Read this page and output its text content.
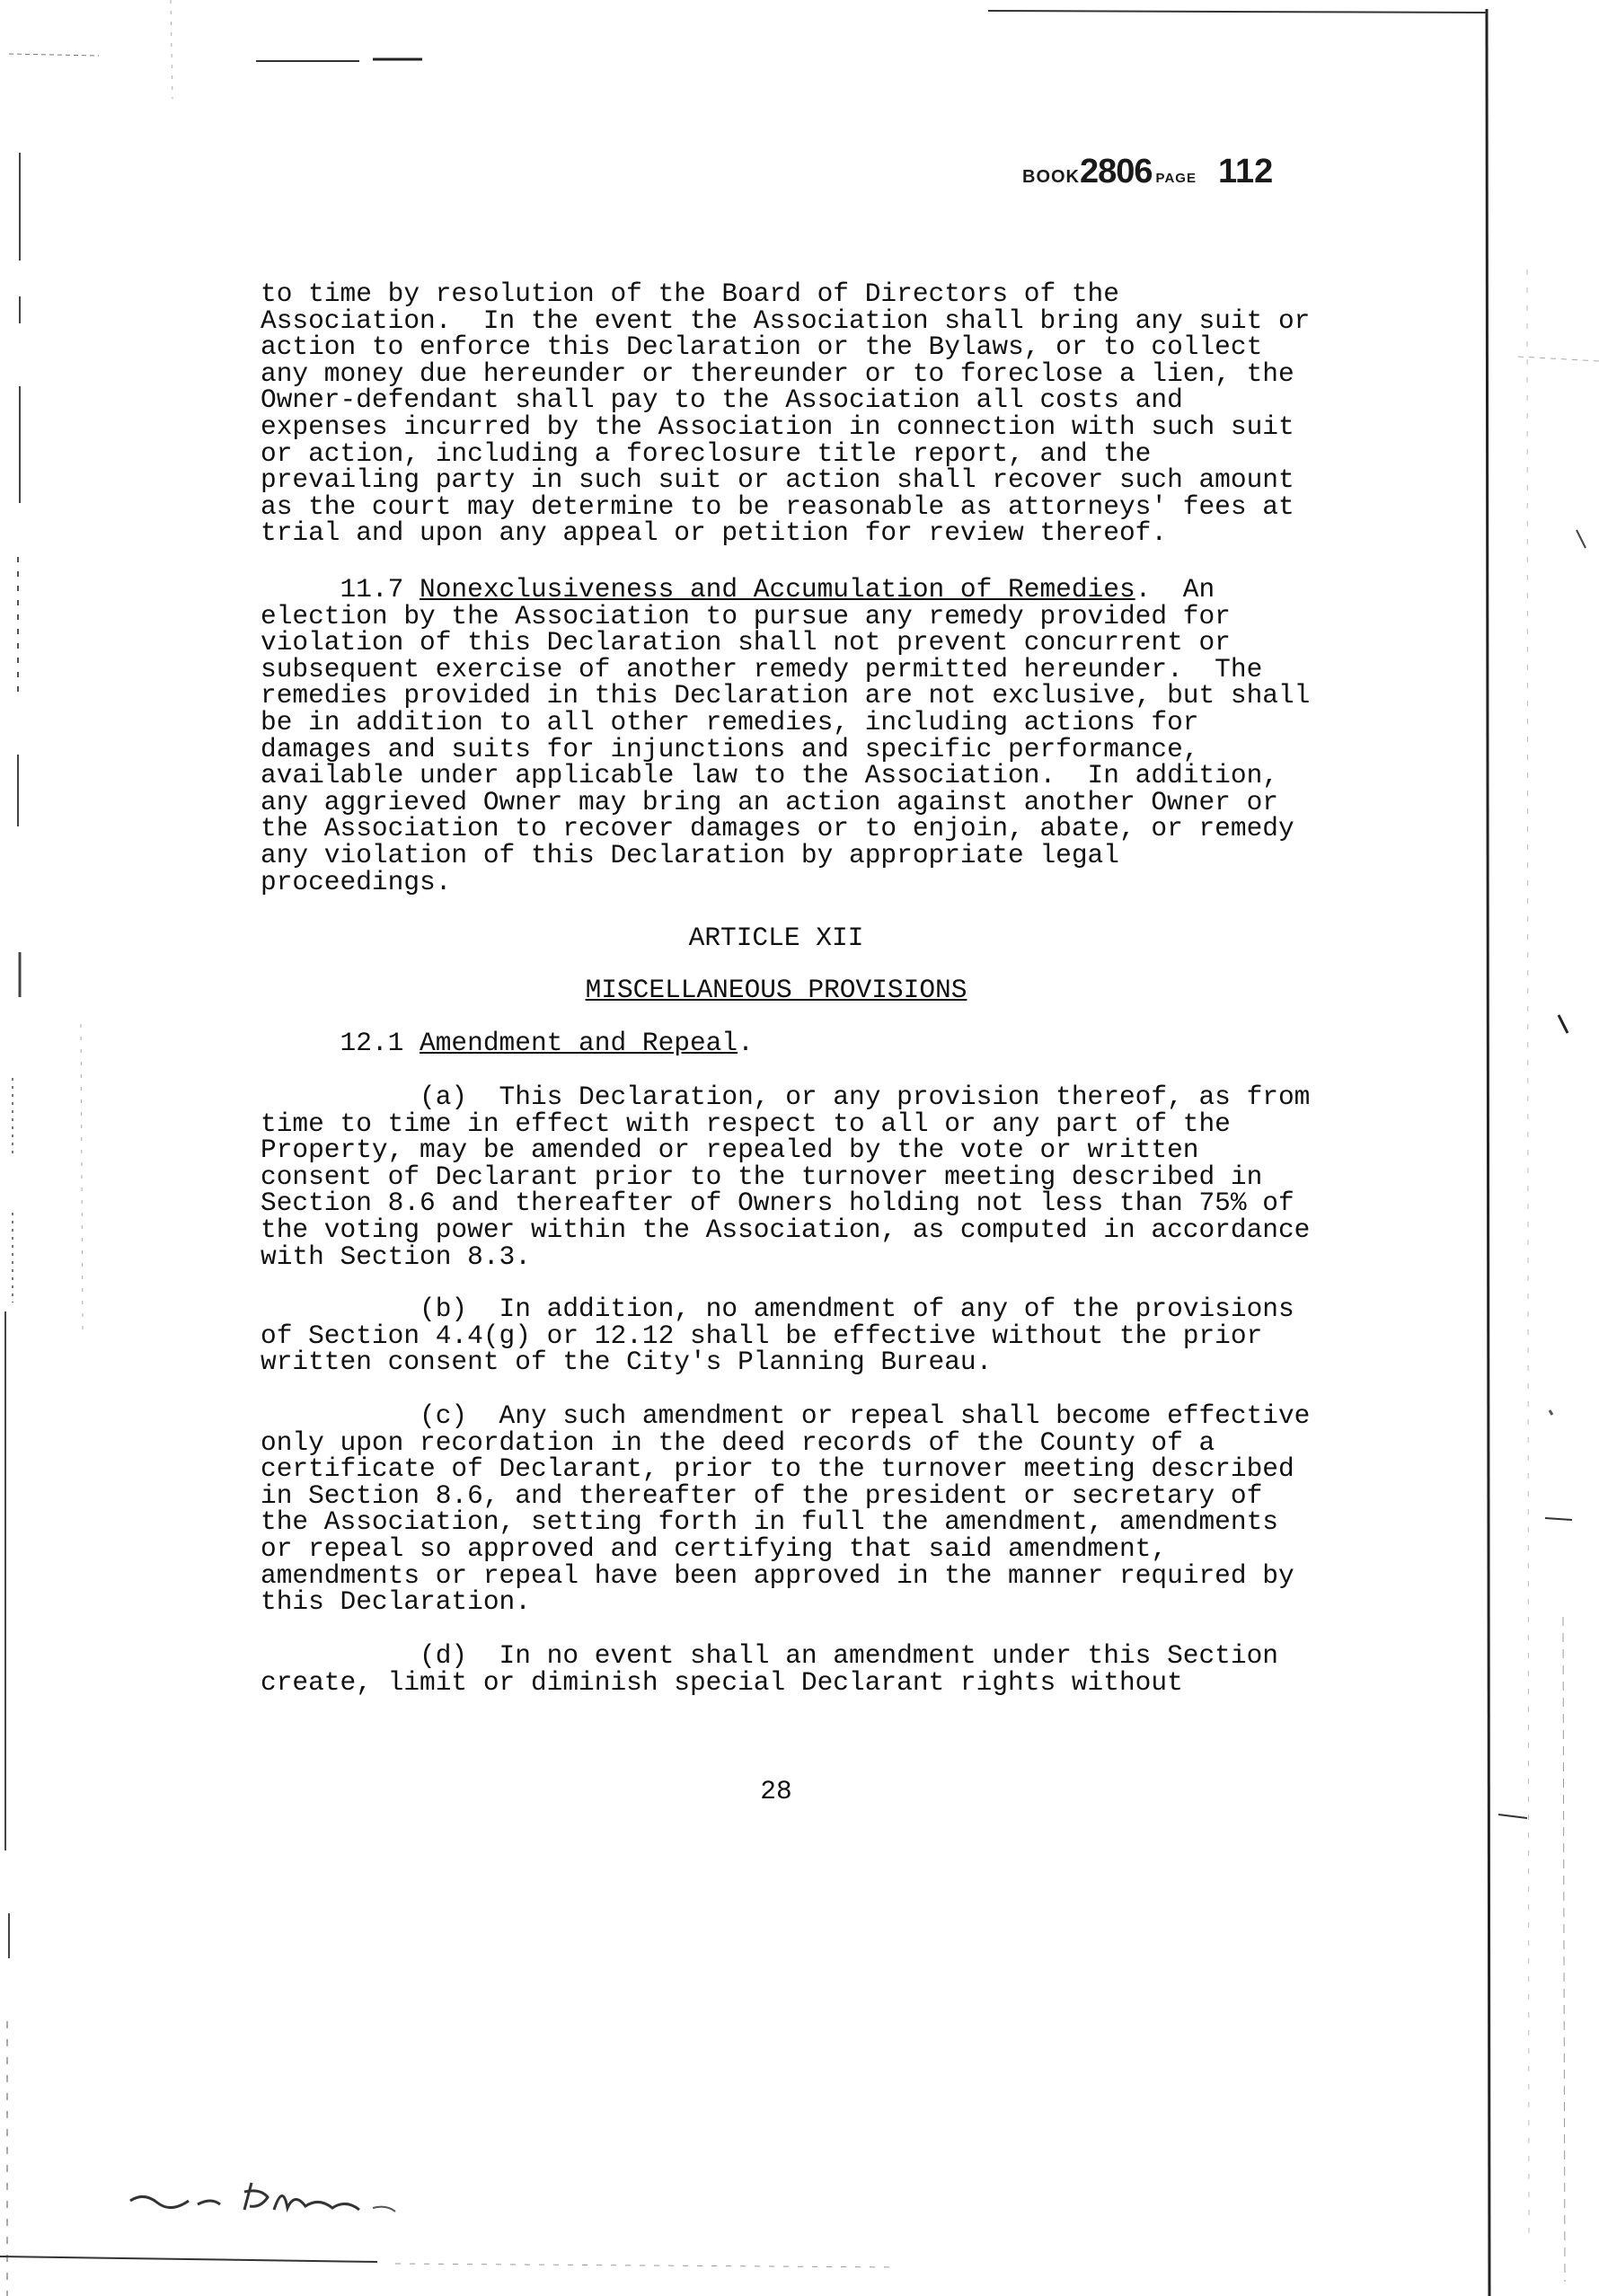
BOOK2806 PAGE 112
to time by resolution of the Board of Directors of the
Association.  In the event the Association shall bring any suit or
action to enforce this Declaration or the Bylaws, or to collect
any money due hereunder or thereunder or to foreclose a lien, the
Owner-defendant shall pay to the Association all costs and
expenses incurred by the Association in connection with such suit
or action, including a foreclosure title report, and the
prevailing party in such suit or action shall recover such amount
as the court may determine to be reasonable as attorneys' fees at
trial and upon any appeal or petition for review thereof.
11.7 Nonexclusiveness and Accumulation of Remedies.  An
election by the Association to pursue any remedy provided for
violation of this Declaration shall not prevent concurrent or
subsequent exercise of another remedy permitted hereunder.  The
remedies provided in this Declaration are not exclusive, but shall
be in addition to all other remedies, including actions for
damages and suits for injunctions and specific performance,
available under applicable law to the Association.  In addition,
any aggrieved Owner may bring an action against another Owner or
the Association to recover damages or to enjoin, abate, or remedy
any violation of this Declaration by appropriate legal
proceedings.
ARTICLE XII
MISCELLANEOUS PROVISIONS
12.1 Amendment and Repeal.
(a)  This Declaration, or any provision thereof, as from
time to time in effect with respect to all or any part of the
Property, may be amended or repealed by the vote or written
consent of Declarant prior to the turnover meeting described in
Section 8.6 and thereafter of Owners holding not less than 75% of
the voting power within the Association, as computed in accordance
with Section 8.3.
(b)  In addition, no amendment of any of the provisions
of Section 4.4(g) or 12.12 shall be effective without the prior
written consent of the City's Planning Bureau.
(c)  Any such amendment or repeal shall become effective
only upon recordation in the deed records of the County of a
certificate of Declarant, prior to the turnover meeting described
in Section 8.6, and thereafter of the president or secretary of
the Association, setting forth in full the amendment, amendments
or repeal so approved and certifying that said amendment,
amendments or repeal have been approved in the manner required by
this Declaration.
(d)  In no event shall an amendment under this Section
create, limit or diminish special Declarant rights without
28
